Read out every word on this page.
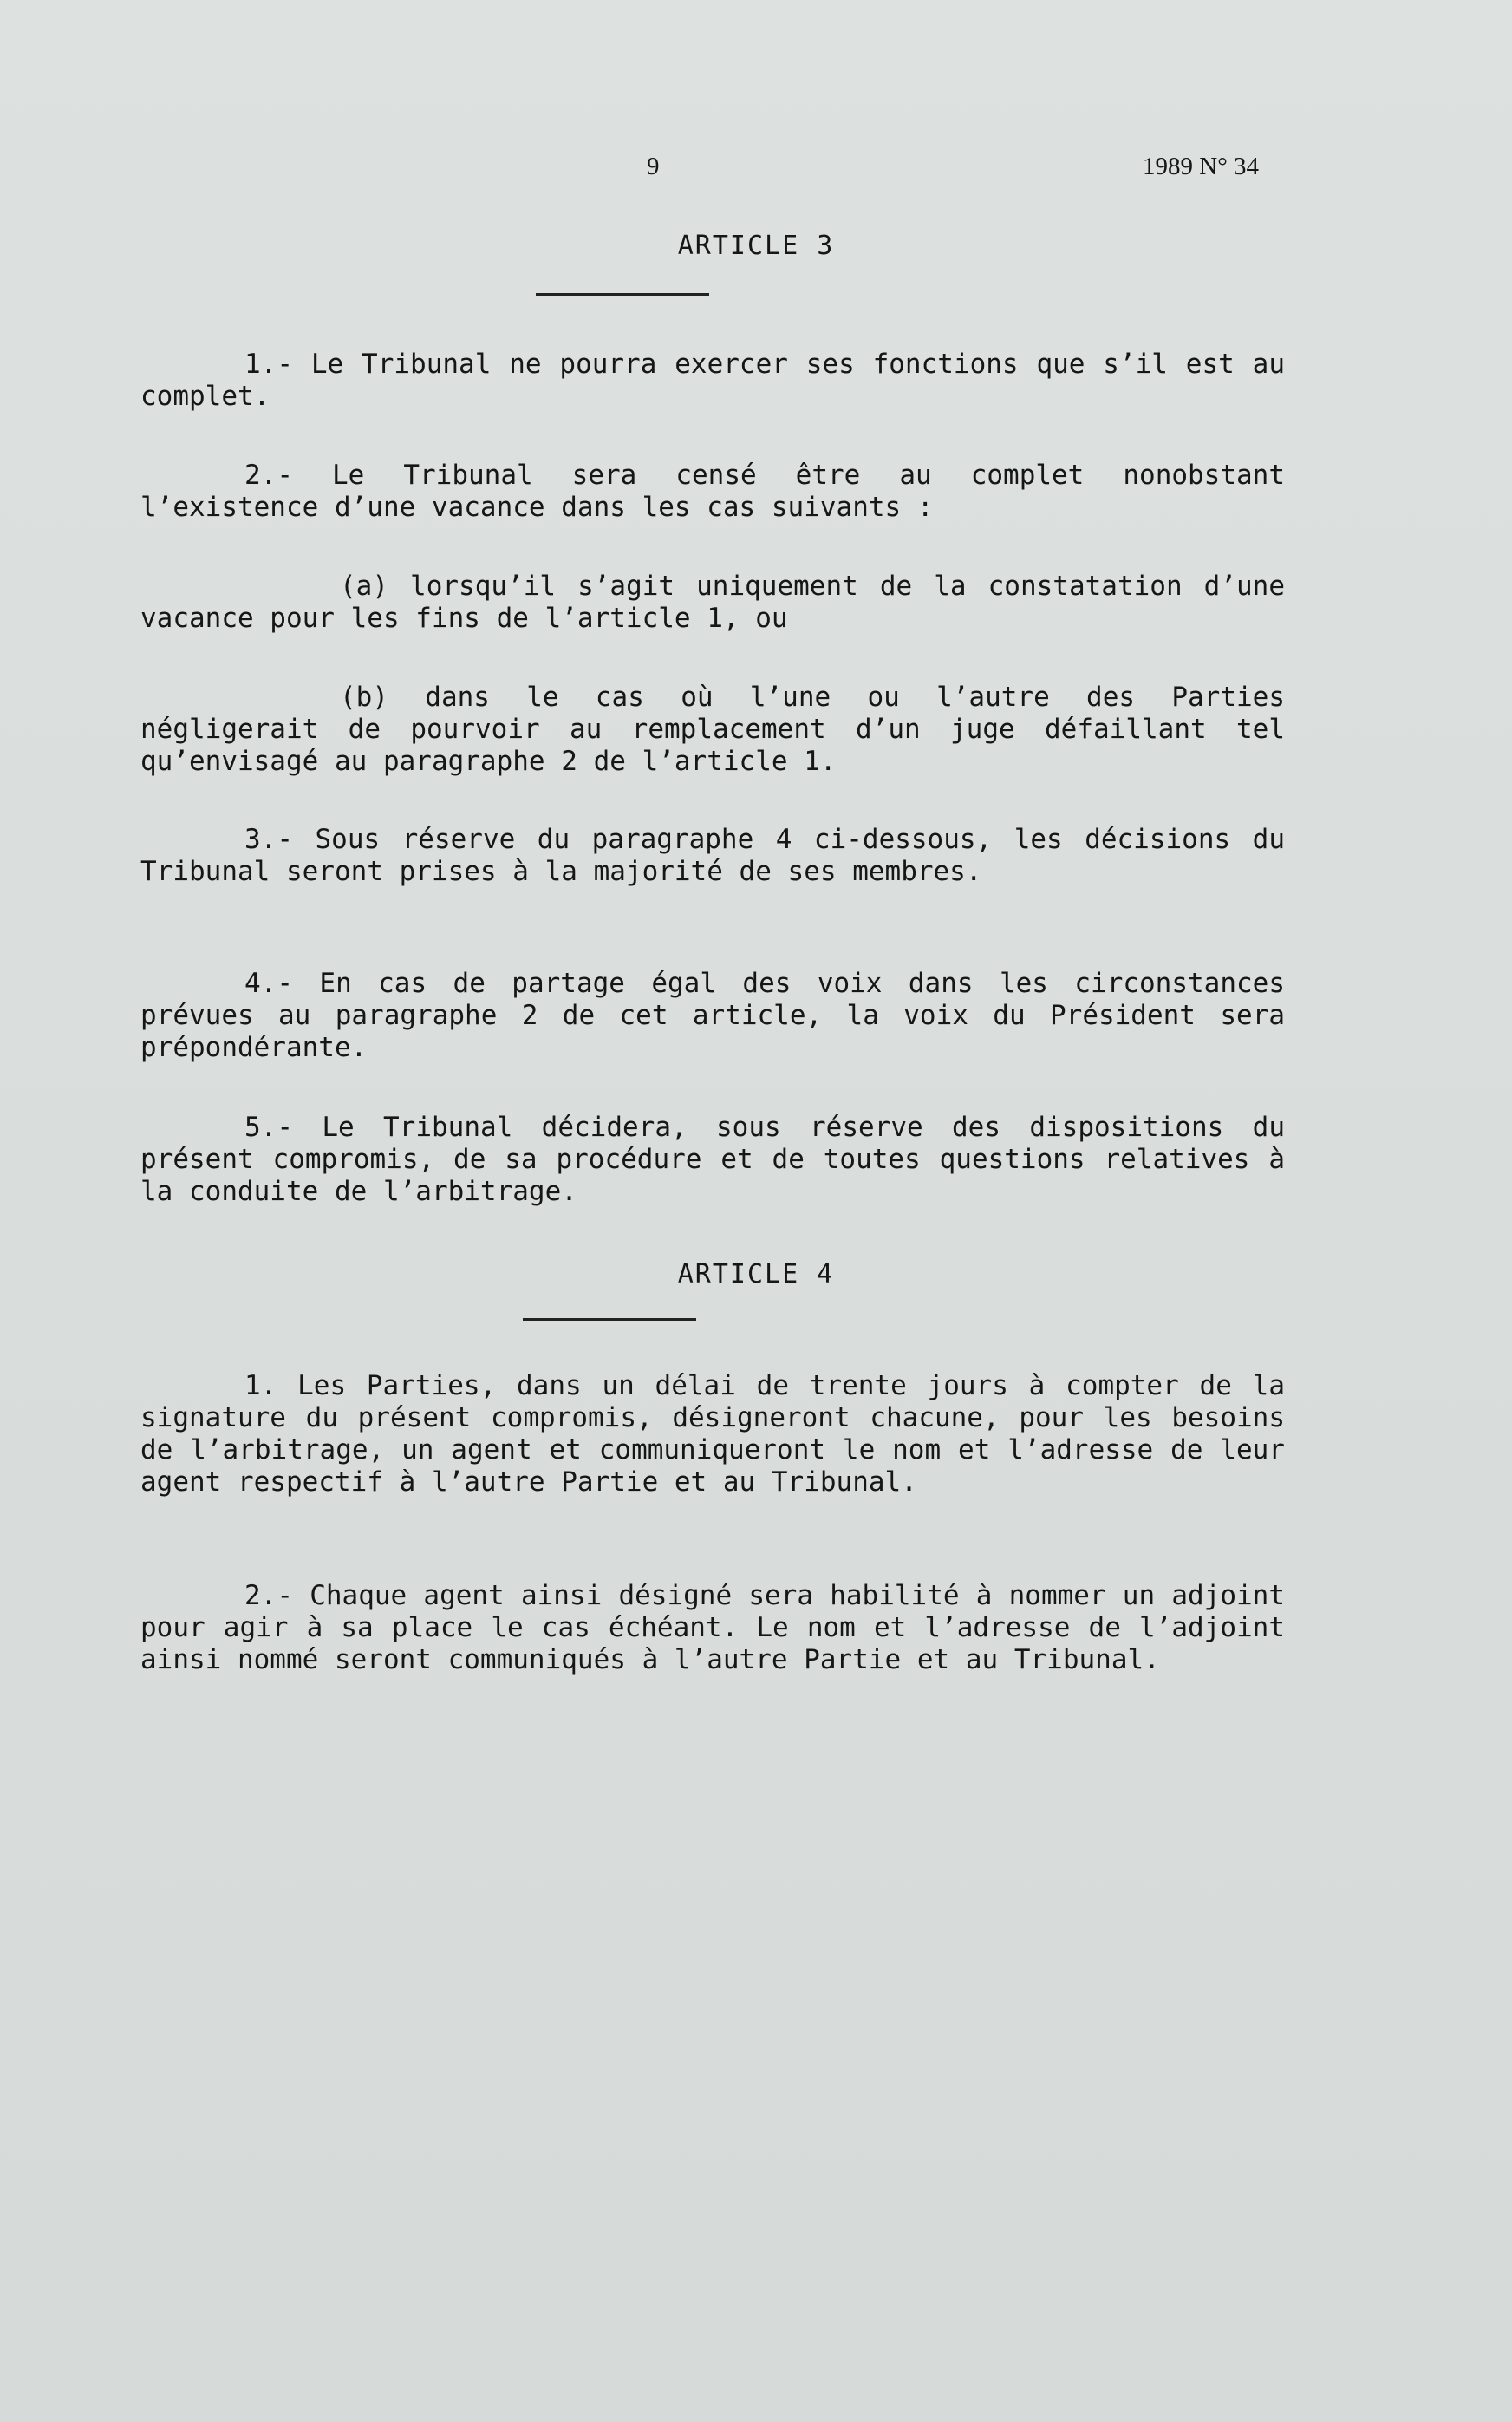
9	1989 N° 34
ARTICLE 3
1.- Le Tribunal ne pourra exercer ses fonctions que s’il est au complet.
2.- Le Tribunal sera censé être au complet nonobstant l’existence d’une vacance dans les cas suivants :
(a) lorsqu’il s’agit uniquement de la constatation d’une vacance pour les fins de l’article 1, ou
(b) dans le cas où l’une ou l’autre des Parties négligerait de pourvoir au remplacement d’un juge défaillant tel qu’envisagé au paragraphe 2 de l’article 1.
3.- Sous réserve du paragraphe 4 ci-dessous, les décisions du Tribunal seront prises à la majorité de ses membres.
4.- En cas de partage égal des voix dans les circonstances prévues au paragraphe 2 de cet article, la voix du Président sera prépondérante.
5.- Le Tribunal décidera, sous réserve des dispositions du présent compromis, de sa procédure et de toutes questions relatives à la conduite de l’arbitrage.
ARTICLE 4
1. Les Parties, dans un délai de trente jours à compter de la signature du présent compromis, désigneront chacune, pour les besoins de l’arbitrage, un agent et communiqueront le nom et l’adresse de leur agent respectif à l’autre Partie et au Tribunal.
2.- Chaque agent ainsi désigné sera habilité à nommer un adjoint pour agir à sa place le cas échéant. Le nom et l’adresse de l’adjoint ainsi nommé seront communiqués à l’autre Partie et au Tribunal.
